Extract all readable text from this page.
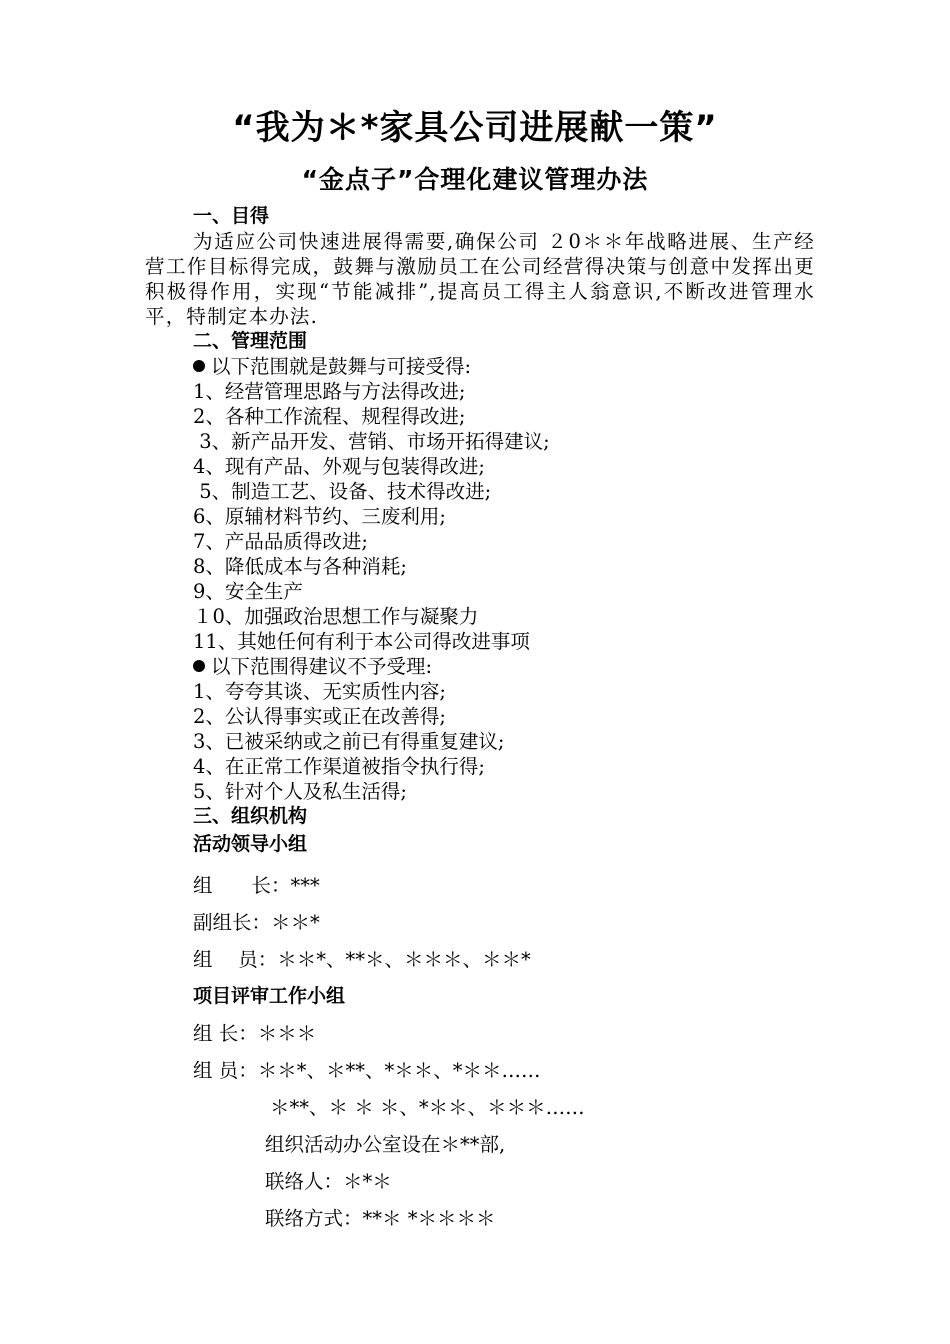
“我为＊*家具公司进展献一策”
“金点子”合理化建议管理办法
一、目得
为适应公司快速进展得需要,确保公司 ２0＊＊年战略进展、生产经营工作目标得完成，鼓舞与激励员工在公司经营得决策与创意中发挥出更积极得作用，实现“节能减排”,提高员工得主人翁意识,不断改进管理水平，特制定本办法.
二、管理范围
以下范围就是鼓舞与可接受得:
1、经营管理思路与方法得改进;
2、各种工作流程、规程得改进;
3、新产品开发、营销、市场开拓得建议;
4、现有产品、外观与包装得改进;
5、制造工艺、设备、技术得改进;
6、原辅材料节约、三废利用;
7、产品品质得改进;
8、降低成本与各种消耗;
9、安全生产
１0、加强政治思想工作与凝聚力
11、其她任何有利于本公司得改进事项
以下范围得建议不予受理:
1、夸夸其谈、无实质性内容;
2、公认得事实或正在改善得;
3、已被采纳或之前已有得重复建议;
4、在正常工作渠道被指令执行得;
5、针对个人及私生活得;
三、组织机构
活动领导小组
组　　长：***
副组长：＊＊*
组　 员：＊＊*、**＊、＊＊＊、＊＊*
项目评审工作小组
组 长：＊＊＊
组 员：＊＊*、＊**、*＊＊、*＊＊……
＊**、＊ ＊ ＊、*＊＊、＊＊＊……
组织活动办公室设在＊**部,
联络人：＊*＊
联络方式：**＊ *＊＊＊＊
